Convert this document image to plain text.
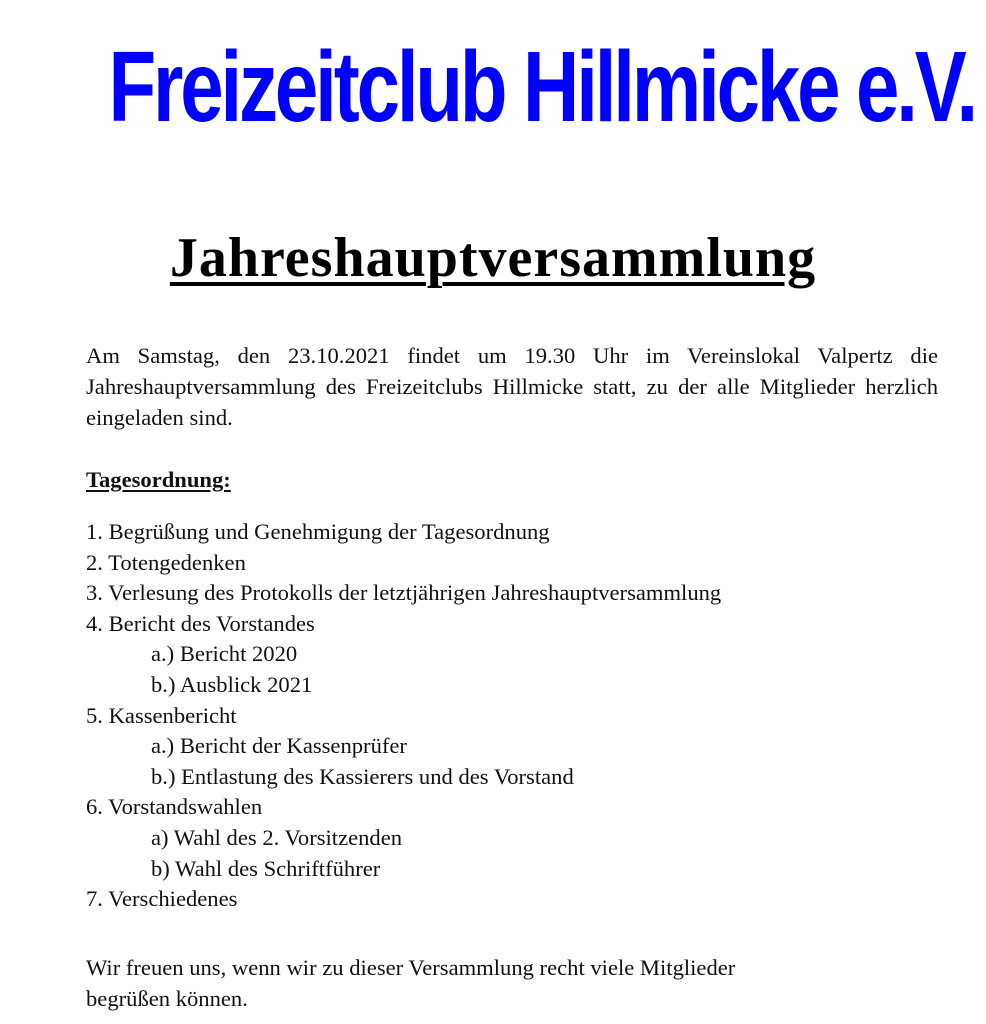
Freizeitclub Hillmicke e.V.
Jahreshauptversammlung
Am Samstag, den 23.10.2021 findet um 19.30 Uhr im Vereinslokal Valpertz die Jahreshauptversammlung des Freizeitclubs Hillmicke statt, zu der alle Mitglieder herzlich eingeladen sind.
Tagesordnung:
1. Begrüßung und Genehmigung der Tagesordnung
2. Totengedenken
3. Verlesung des Protokolls der letztjährigen Jahreshauptversammlung
4. Bericht des Vorstandes
a.) Bericht 2020
b.) Ausblick 2021
5. Kassenbericht
a.) Bericht der Kassenprüfer
b.) Entlastung des Kassierers und des Vorstand
6. Vorstandswahlen
a) Wahl des 2. Vorsitzenden
b) Wahl des Schriftführer
7. Verschiedenes
Wir freuen uns, wenn wir zu dieser Versammlung recht viele Mitglieder
begrüßen können.
